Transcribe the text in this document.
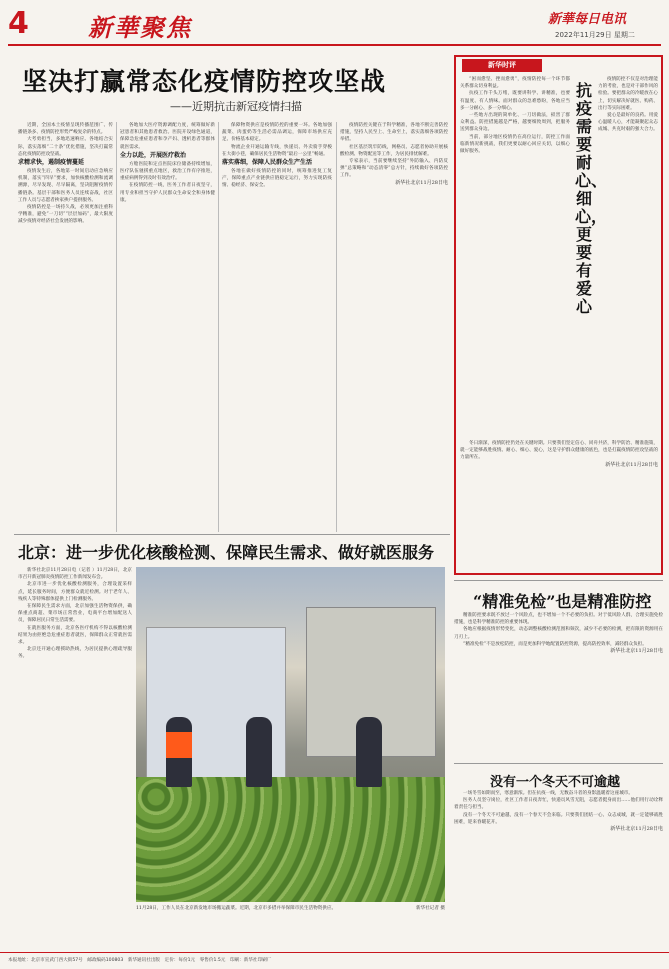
4 新華聚焦	新華每日电讯
2022年11月29日 星期二
坚决打赢常态化疫情防控攻坚战
——近期抗击新冠疫情扫描

近期，全国本土疫情呈现传播范围广、传播链条多、疫情防控形势严峻复杂的特点。

大考勇担当，多地迅速响应。各地结合实际，落实落细“二十条”优化措施，坚决打赢常态化疫情防控攻坚战。

求精求快，遏制疫情蔓延

疫情发生后，各地第一时间启动应急响应机制，落实“四早”要求，加快核酸检测和流调溯源，尽早发现、尽早隔离，坚决阻断疫情传播链条。基层干部和医务人员连续奋战，社区工作人员与志愿者挨家挨户提供服务。

疫情防控是一场持久战，必须更加注重科学精准，避免“一刀切”“层层加码”，最大限度减少疫情对经济社会发展的影响。

各地加大医疗资源调配力度，统筹做好新冠患者和其他患者救治。医院开设绿色通道，保障急危重症患者和孕产妇、透析患者等群体就医需求。

全力以赴，开展医疗救治

方舱医院和定点医院床位储备持续增加，医疗队伍驰援重点地区，救治工作有序推进，重症病例得到及时有效治疗。

在疫情防控一线，医务工作者日夜坚守，用专业和担当守护人民群众生命安全和身体健康。

保障物资供应是疫情防控的重要一环。各地加强蔬菜、肉蛋奶等生活必需品调运，保障市场供应充足、价格基本稳定。

物流企业开通运输专线，快递员、外卖骑手穿梭在大街小巷，确保居民生活物资“最后一公里”畅通。

落实落细，保障人民群众生产生活

各地在做好疫情防控的同时，统筹推进复工复产，保障重点产业链供应链稳定运行，努力实现防疫情、稳经济、保安全。

疫情防控关键在于科学精准，各地不断完善防控措施，坚持人民至上、生命至上，落实落细各项防控举措。

社区基层筑牢防线，网格员、志愿者协助开展核酸检测、物资配送等工作，为居民排忧解难。

专家表示，当前要继续坚持“外防输入、内防反弹”总策略和“动态清零”总方针，持续做好各项防控工作。

新华社北京11月28日电
新华时评

“困而愈坚、挫而愈勇”，疫情防控每一个环节都关系群众切身利益。

抗疫工作千头万绪，既要讲科学、讲精准，也要有温度、有人情味。面对群众的急难愁盼，各地应当多一分耐心、多一分细心。

一些地方出现的简单化、一刀切做法，损害了群众利益。防控措施越是严格，越要细致周到，把服务送到群众身边。

当前，部分地区疫情仍在高位运行，防控工作面临新情况新挑战，我们更要以耐心回应关切，以细心做好服务。

抗疫需要耐心、细心，更要有爱心

疫情防控不仅是对治理能力的考验，也是对干部作风的检验。要把群众的冷暖放在心上，切实解决好就医、购药、出行等实际困难。

爱心是最好的良药。用爱心温暖人心，才能凝聚起众志成城、共克时艰的强大合力。

冬日渐深，疫情防控仍处在关键时期。只要我们坚定信心、同舟共济，科学防治、精准施策，就一定能够战胜疫情。耐心、细心、爱心，这是守护群众健康的底色，也是打赢疫情防控攻坚战的力量所在。

新华社北京11月28日电
“精准免检”也是精准防控

精准防控要求既不放过一个风险点，也不增加一个不必要的负担。对于低风险人群，合理实施免检措施，也是科学精准防控的重要体现。

各地应根据疫情形势变化，动态调整核酸检测范围和频次，减少不必要的检测，把有限的资源用在刀刃上。

“精准免检”不是放松防控，而是更加科学地配置防控资源，提高防控效率，减轻群众负担。

新华社北京11月28日电
没有一个冬天不可逾越

一场冬雪如期而至，寒意渐浓。但在抗疫一线，无数奋斗者的身影温暖着这座城市。

医务人员坚守岗位，社区工作者日夜奔忙，快递员风雪无阻，志愿者挺身而出……他们用行动诠释着责任与担当。

没有一个冬天不可逾越，没有一个春天不会来临。只要我们团结一心、众志成城，就一定能够战胜困难，迎来春暖花开。

新华社北京11月28日电
北京：进一步优化核酸检测、保障民生需求、做好就医服务

新华社北京11月28日电（记者 ）11月28日，北京市召开新冠肺炎疫情防控工作新闻发布会。

北京市进一步优化核酸检测服务，合理设置采样点，延长服务时间，方便群众就近检测。对于老年人、残疾人等特殊群体提供上门检测服务。

在保障民生需求方面，北京加强生活物资保供，确保重点商超、菜市场正常营业，电商平台增加配送人员，保障居民日常生活需要。

在就医服务方面，北京各医疗机构不得以核酸检测结果为由拒绝急危重症患者就医，保障群众正常就医需求。

北京还开通心理援助热线，为居民提供心理疏导服务。

11月28日，工作人员在北京新发地市场搬运蔬菜。近期，北京市多措并举保障市民生活物资供应。	新华社记者 摄
本报地址：北京市宣武门西大街57号　邮政编码100803　新华通讯社出版　定价：每份1元　零售价1.5元　印刷：新华社印刷厂
